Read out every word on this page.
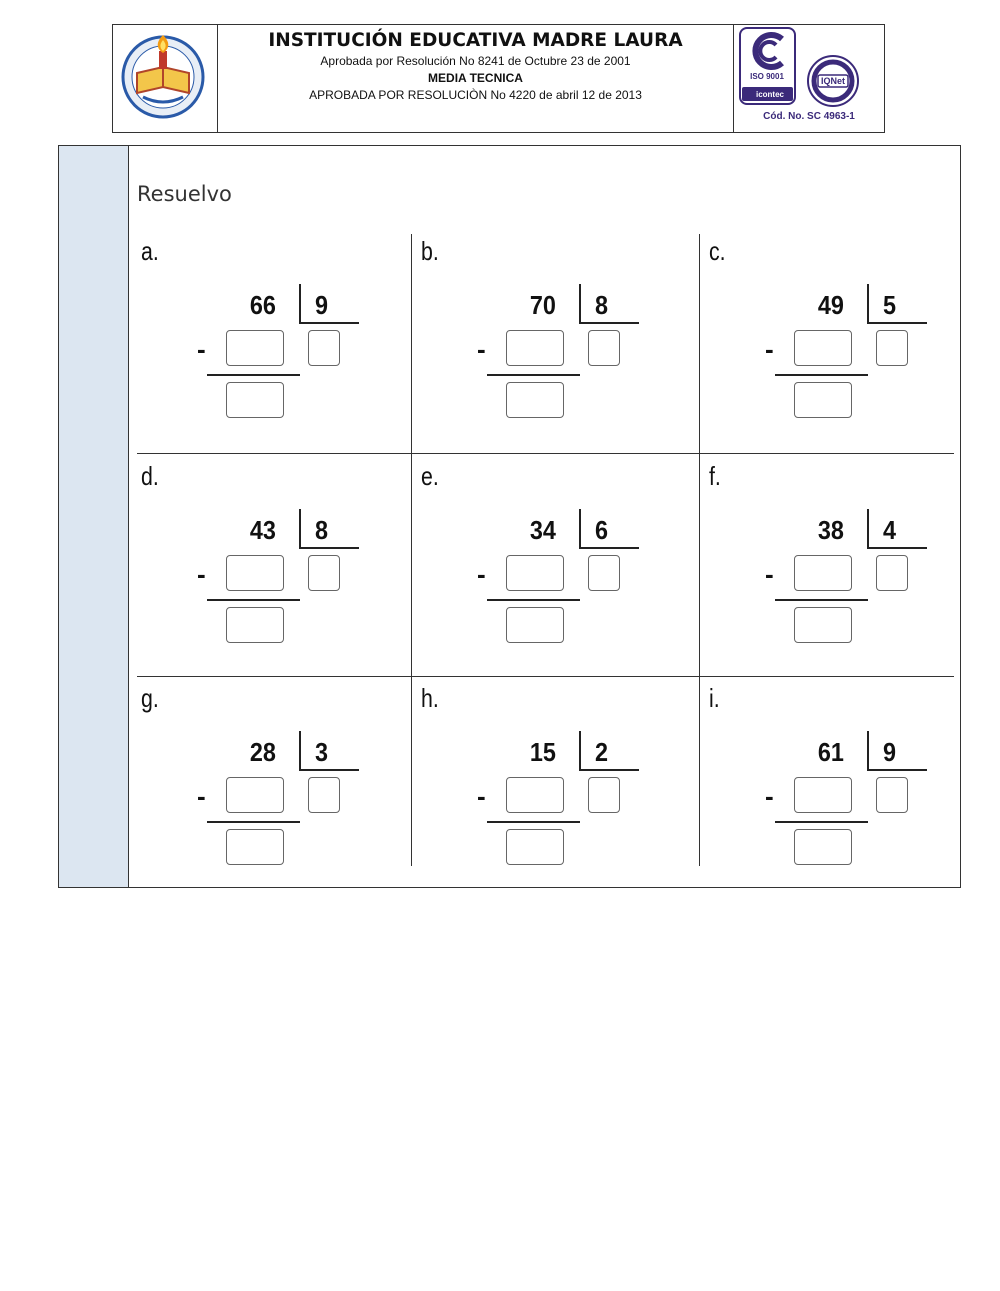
INSTITUCIÓN EDUCATIVA MADRE LAURA
Aprobada por Resolución No 8241 de Octubre 23 de 2001
MEDIA TECNICA
APROBADA POR RESOLUCIÒN No 4220 de abril 12 de 2013
ISO 9001
icontec
IQNet
Cód. No. SC 4963-1
Resuelvo
a.
66 9
-
b.
70 8
-
c.
49 5
-
d.
43 8
-
e.
34 6
-
f.
38 4
-
g.
28 3
-
h.
15 2
-
i.
61 9
-
